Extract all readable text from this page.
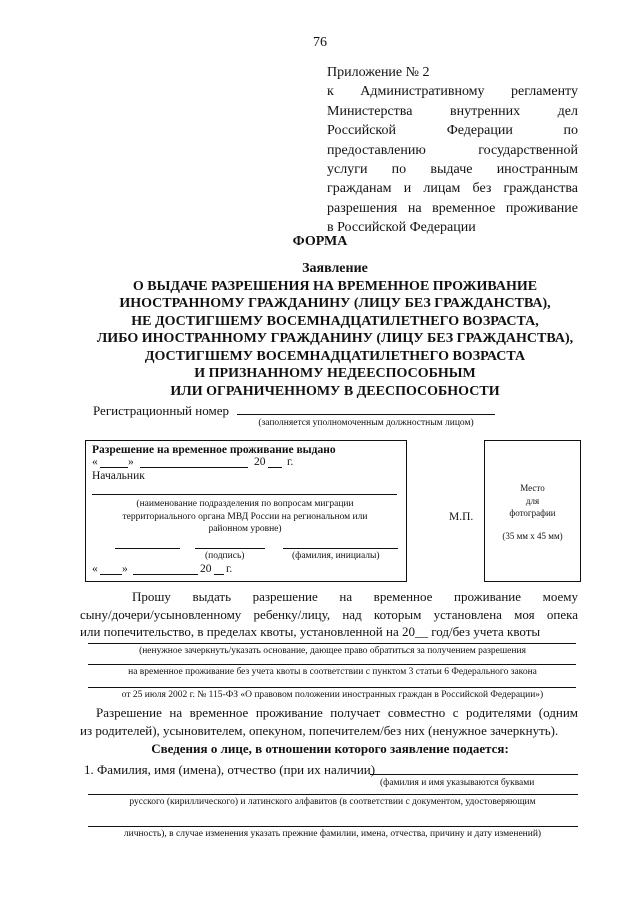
76
Приложение № 2
к Административному регламенту
Министерства внутренних дел
Российской Федерации по
предоставлению государственной
услуги по выдаче иностранным
гражданам и лицам без гражданства
разрешения на временное проживание
в Российской Федерации
ФОРМА
Заявление
О ВЫДАЧЕ РАЗРЕШЕНИЯ НА ВРЕМЕННОЕ ПРОЖИВАНИЕ
ИНОСТРАННОМУ ГРАЖДАНИНУ (ЛИЦУ БЕЗ ГРАЖДАНСТВА),
НЕ ДОСТИГШЕМУ ВОСЕМНАДЦАТИЛЕТНЕГО ВОЗРАСТА,
ЛИБО ИНОСТРАННОМУ ГРАЖДАНИНУ (ЛИЦУ БЕЗ ГРАЖДАНСТВА),
ДОСТИГШЕМУ ВОСЕМНАДЦАТИЛЕТНЕГО ВОЗРАСТА
И ПРИЗНАННОМУ НЕДЕЕСПОСОБНЫМ
ИЛИ ОГРАНИЧЕННОМУ В ДЕЕСПОСОБНОСТИ
Регистрационный номер
(заполняется уполномоченным должностным лицом)
Разрешение на временное проживание выдано
«	»	20 г.
Начальник
(наименование подразделения по вопросам миграции территориального органа МВД России на региональном или районном уровне)
(подпись)	(фамилия, инициалы)
« »	20 г.
М.П.
Место
для
фотографии
(35 мм х 45 мм)
Прошу выдать разрешение на временное проживание моему
сыну/дочери/усыновленному ребенку/лицу, над которым установлена моя опека
или попечительство, в пределах квоты, установленной на 20__ год/без учета квоты
(ненужное зачеркнуть/указать основание, дающее право обратиться за получением разрешения
на временное проживание без учета квоты в соответствии с пунктом 3 статьи 6 Федерального закона
от 25 июля 2002 г. № 115-ФЗ «О правовом положении иностранных граждан в Российской Федерации»)
Разрешение на временное проживание получает совместно с родителями (одним
из родителей), усыновителем, опекуном, попечителем/без них (ненужное зачеркнуть).
Сведения о лице, в отношении которого заявление подается:
1. Фамилия, имя (имена), отчество (при их наличии)
(фамилия и имя указываются буквами
русского (кириллического) и латинского алфавитов (в соответствии с документом, удостоверяющим
личность), в случае изменения указать прежние фамилии, имена, отчества, причину и дату изменений)
